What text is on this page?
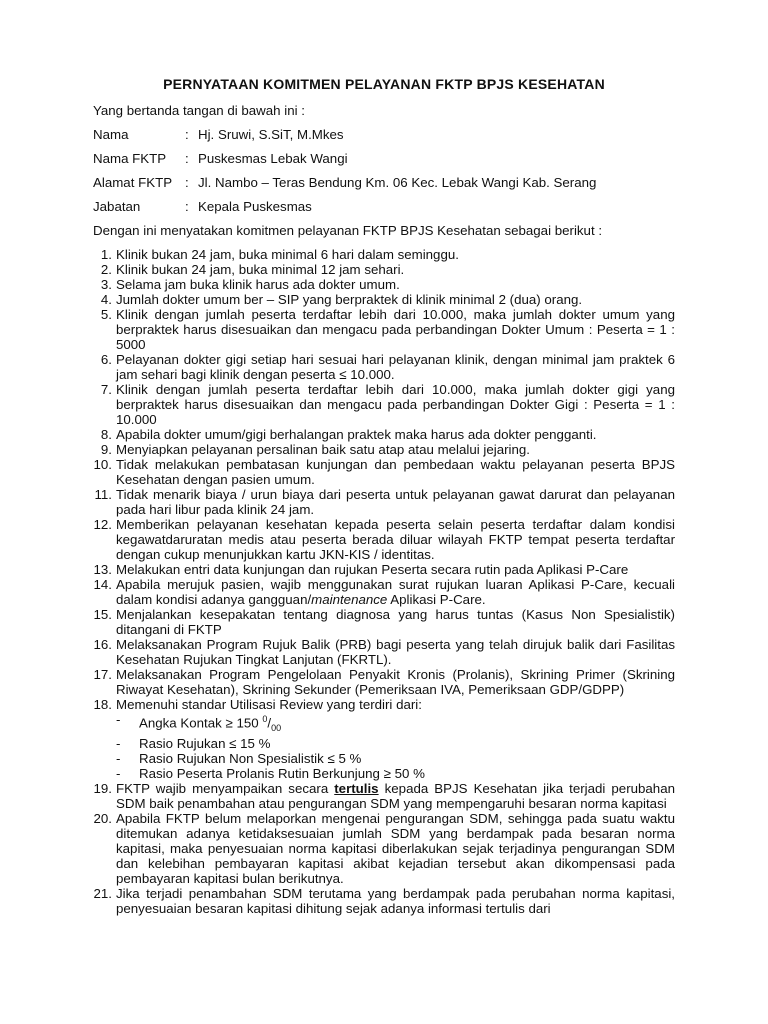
PERNYATAAN KOMITMEN PELAYANAN FKTP BPJS KESEHATAN
Yang bertanda tangan di bawah ini :
Nama	: Hj. Sruwi, S.SiT, M.Mkes
Nama FKTP : Puskesmas Lebak Wangi
Alamat FKTP : Jl. Nambo – Teras Bendung Km. 06 Kec. Lebak Wangi Kab. Serang
Jabatan	: Kepala Puskesmas
Dengan ini menyatakan komitmen pelayanan FKTP BPJS Kesehatan sebagai berikut :
1. Klinik bukan 24 jam, buka minimal 6 hari dalam seminggu.
2. Klinik bukan 24 jam, buka minimal 12 jam sehari.
3. Selama jam buka klinik harus ada dokter umum.
4. Jumlah dokter umum ber – SIP yang berpraktek di klinik minimal 2 (dua) orang.
5. Klinik dengan jumlah peserta terdaftar lebih dari 10.000, maka jumlah dokter umum yang berpraktek harus disesuaikan dan mengacu pada perbandingan Dokter Umum : Peserta = 1 : 5000
6. Pelayanan dokter gigi setiap hari sesuai hari pelayanan klinik, dengan minimal jam praktek 6 jam sehari bagi klinik dengan peserta ≤ 10.000.
7. Klinik dengan jumlah peserta terdaftar lebih dari 10.000, maka jumlah dokter gigi yang berpraktek harus disesuaikan dan mengacu pada perbandingan Dokter Gigi : Peserta = 1 : 10.000
8. Apabila dokter umum/gigi berhalangan praktek maka harus ada dokter pengganti.
9. Menyiapkan pelayanan persalinan baik satu atap atau melalui jejaring.
10. Tidak melakukan pembatasan kunjungan dan pembedaan waktu pelayanan peserta BPJS Kesehatan dengan pasien umum.
11. Tidak menarik biaya / urun biaya dari peserta untuk pelayanan gawat darurat dan pelayanan pada hari libur pada klinik 24 jam.
12. Memberikan pelayanan kesehatan kepada peserta selain peserta terdaftar dalam kondisi kegawatdaruratan medis atau peserta berada diluar wilayah FKTP tempat peserta terdaftar dengan cukup menunjukkan kartu JKN-KIS / identitas.
13. Melakukan entri data kunjungan dan rujukan Peserta secara rutin pada Aplikasi P-Care
14. Apabila merujuk pasien, wajib menggunakan surat rujukan luaran Aplikasi P-Care, kecuali dalam kondisi adanya gangguan/maintenance Aplikasi P-Care.
15. Menjalankan kesepakatan tentang diagnosa yang harus tuntas (Kasus Non Spesialistik) ditangani di FKTP
16. Melaksanakan Program Rujuk Balik (PRB) bagi peserta yang telah dirujuk balik dari Fasilitas Kesehatan Rujukan Tingkat Lanjutan (FKRTL).
17. Melaksanakan Program Pengelolaan Penyakit Kronis (Prolanis), Skrining Primer (Skrining Riwayat Kesehatan), Skrining Sekunder (Pemeriksaan IVA, Pemeriksaan GDP/GDPP)
18. Memenuhi standar Utilisasi Review yang terdiri dari:
- Angka Kontak ≥ 150 $^0/_{00}$
- Rasio Rujukan ≤ 15 %
- Rasio Rujukan Non Spesialistik ≤ 5 %
- Rasio Peserta Prolanis Rutin Berkunjung ≥ 50 %
19. FKTP wajib menyampaikan secara tertulis kepada BPJS Kesehatan jika terjadi perubahan SDM baik penambahan atau pengurangan SDM yang mempengaruhi besaran norma kapitasi
20. Apabila FKTP belum melaporkan mengenai pengurangan SDM, sehingga pada suatu waktu ditemukan adanya ketidaksesuaian jumlah SDM yang berdampak pada besaran norma kapitasi, maka penyesuaian norma kapitasi diberlakukan sejak terjadinya pengurangan SDM dan kelebihan pembayaran kapitasi akibat kejadian tersebut akan dikompensasi pada pembayaran kapitasi bulan berikutnya.
21. Jika terjadi penambahan SDM terutama yang berdampak pada perubahan norma kapitasi, penyesuaian besaran kapitasi dihitung sejak adanya informasi tertulis dari
